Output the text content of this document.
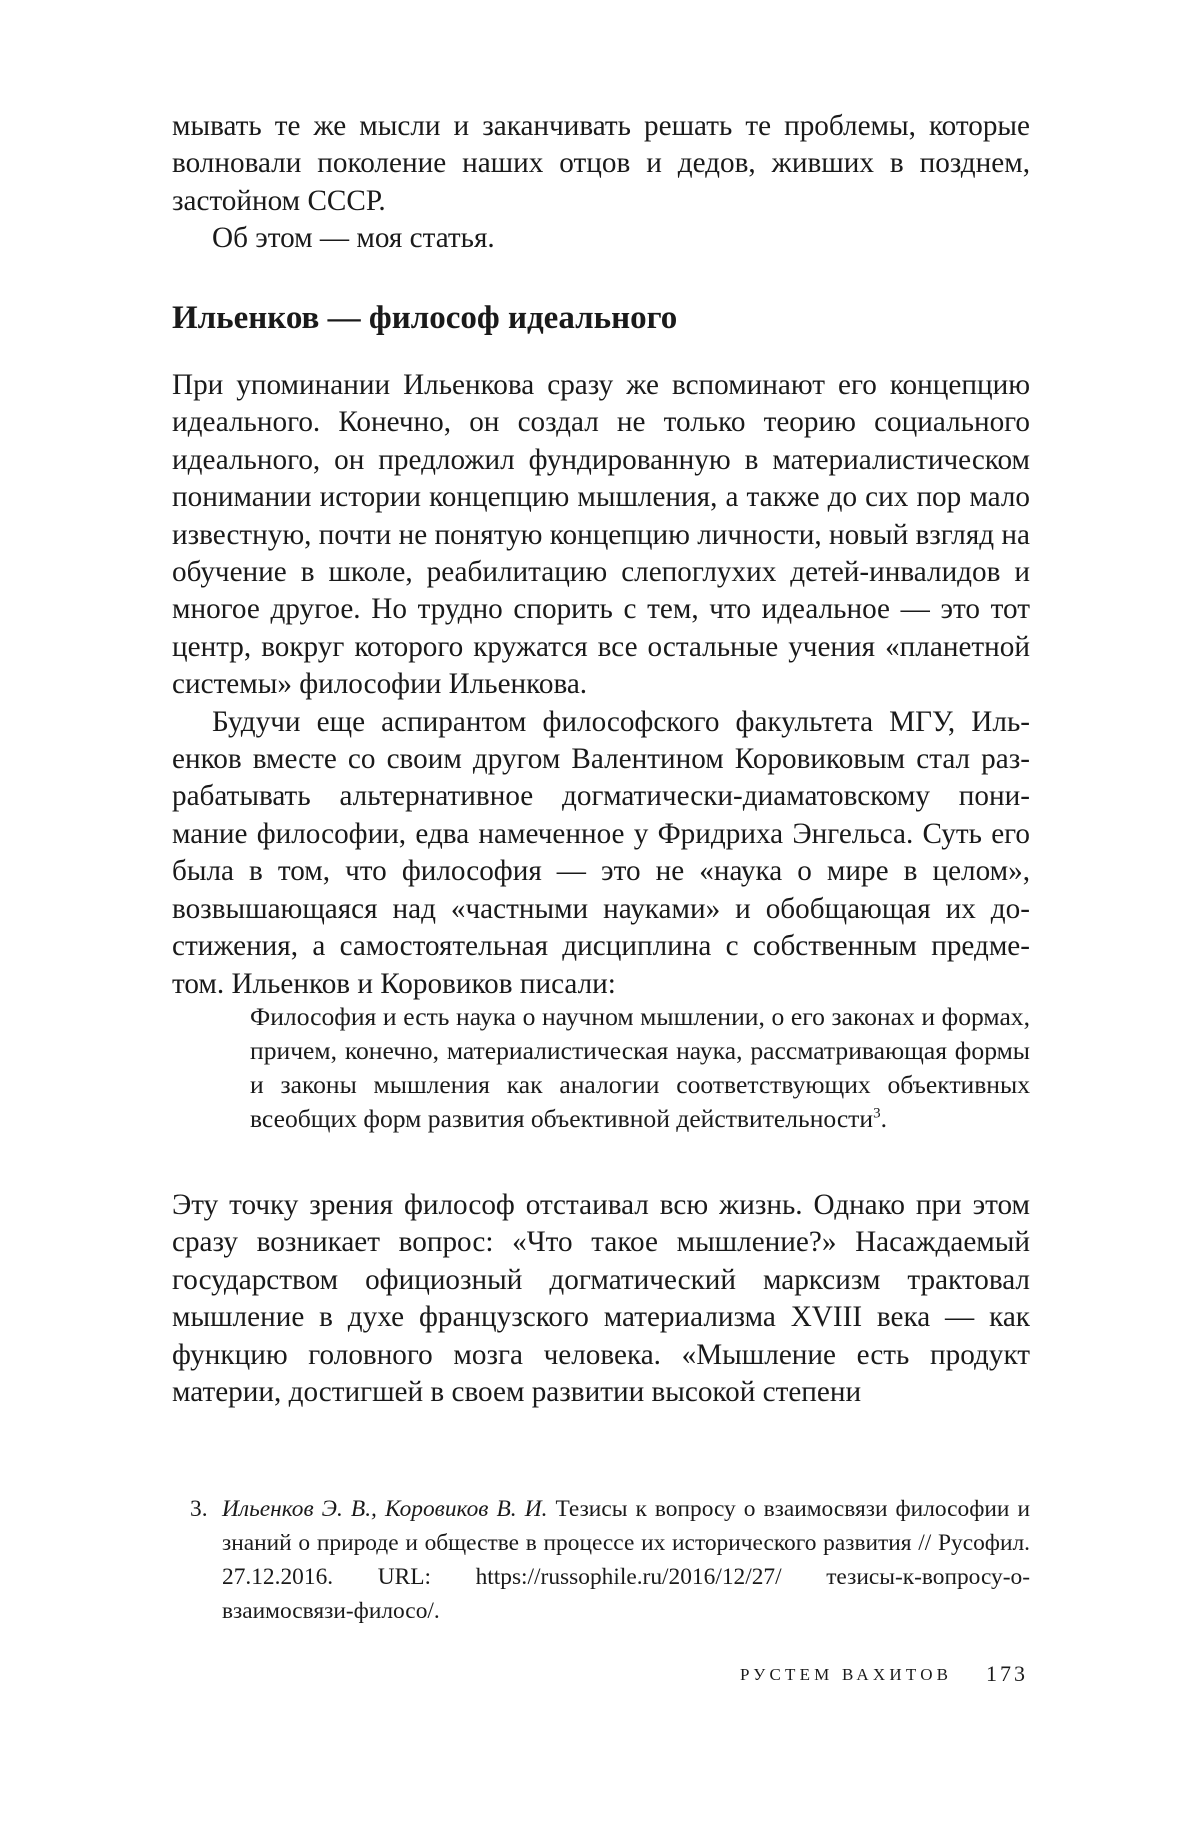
мывать те же мысли и заканчивать решать те проблемы, которые

волновали поколение наших отцов и дедов, живших в позднем,

застойном СССР.

Об этом — моя статья.

Ильенков — философ идеального

При упоминании Ильенкова сразу же вспоминают его концепцию идеального. Конечно, он создал не только теорию социального идеального, он предложил фундированную в материалистическом понимании истории концепцию мышления, а также до сих пор мало известную, почти не понятую концепцию личности, новый взгляд на обучение в школе, реабилитацию слепоглухих детей-инвалидов и многое другое. Но трудно спорить с тем, что идеальное — это тот центр, вокруг которого кружатся все остальные учения «планетной системы» философии Ильенкова.

Будучи еще аспирантом философского факультета МГУ, Ильенков вместе со своим другом Валентином Коровиковым стал разрабатывать альтернативное догматически-диаматовскому понимание философии, едва намеченное у Фридриха Энгельса. Суть его была в том, что философия — это не «наука о мире в целом», возвышающаяся над «частными науками» и обобщающая их достижения, а самостоятельная дисциплина с собственным предметом. Ильенков и Коровиков писали:

Философия и есть наука о научном мышлении, о его законах и формах, причем, конечно, материалистическая наука, рассматривающая формы и законы мышления как аналогии соответствующих объективных всеобщих форм развития объективной действительности$^3$.

Эту точку зрения философ отстаивал всю жизнь. Однако при этом сразу возникает вопрос: «Что такое мышление?» Насаждаемый государством официозный догматический марксизм трактовал мышление в духе французского материализма XVIII века — как функцию головного мозга человека. «Мышление есть продукт материи, достигшей в своем развитии высокой степени

3. Ильенков Э. В., Коровиков В. И. Тезисы к вопросу о взаимосвязи философии и знаний о природе и обществе в процессе их исторического развития // Русофил. 27.12.2016. URL: https://russophile.ru/2016/12/27/ тезисы-к-вопросу-о-взаимосвязи-филосо/.

РУСТЕМ ВАХИТОВ 173
